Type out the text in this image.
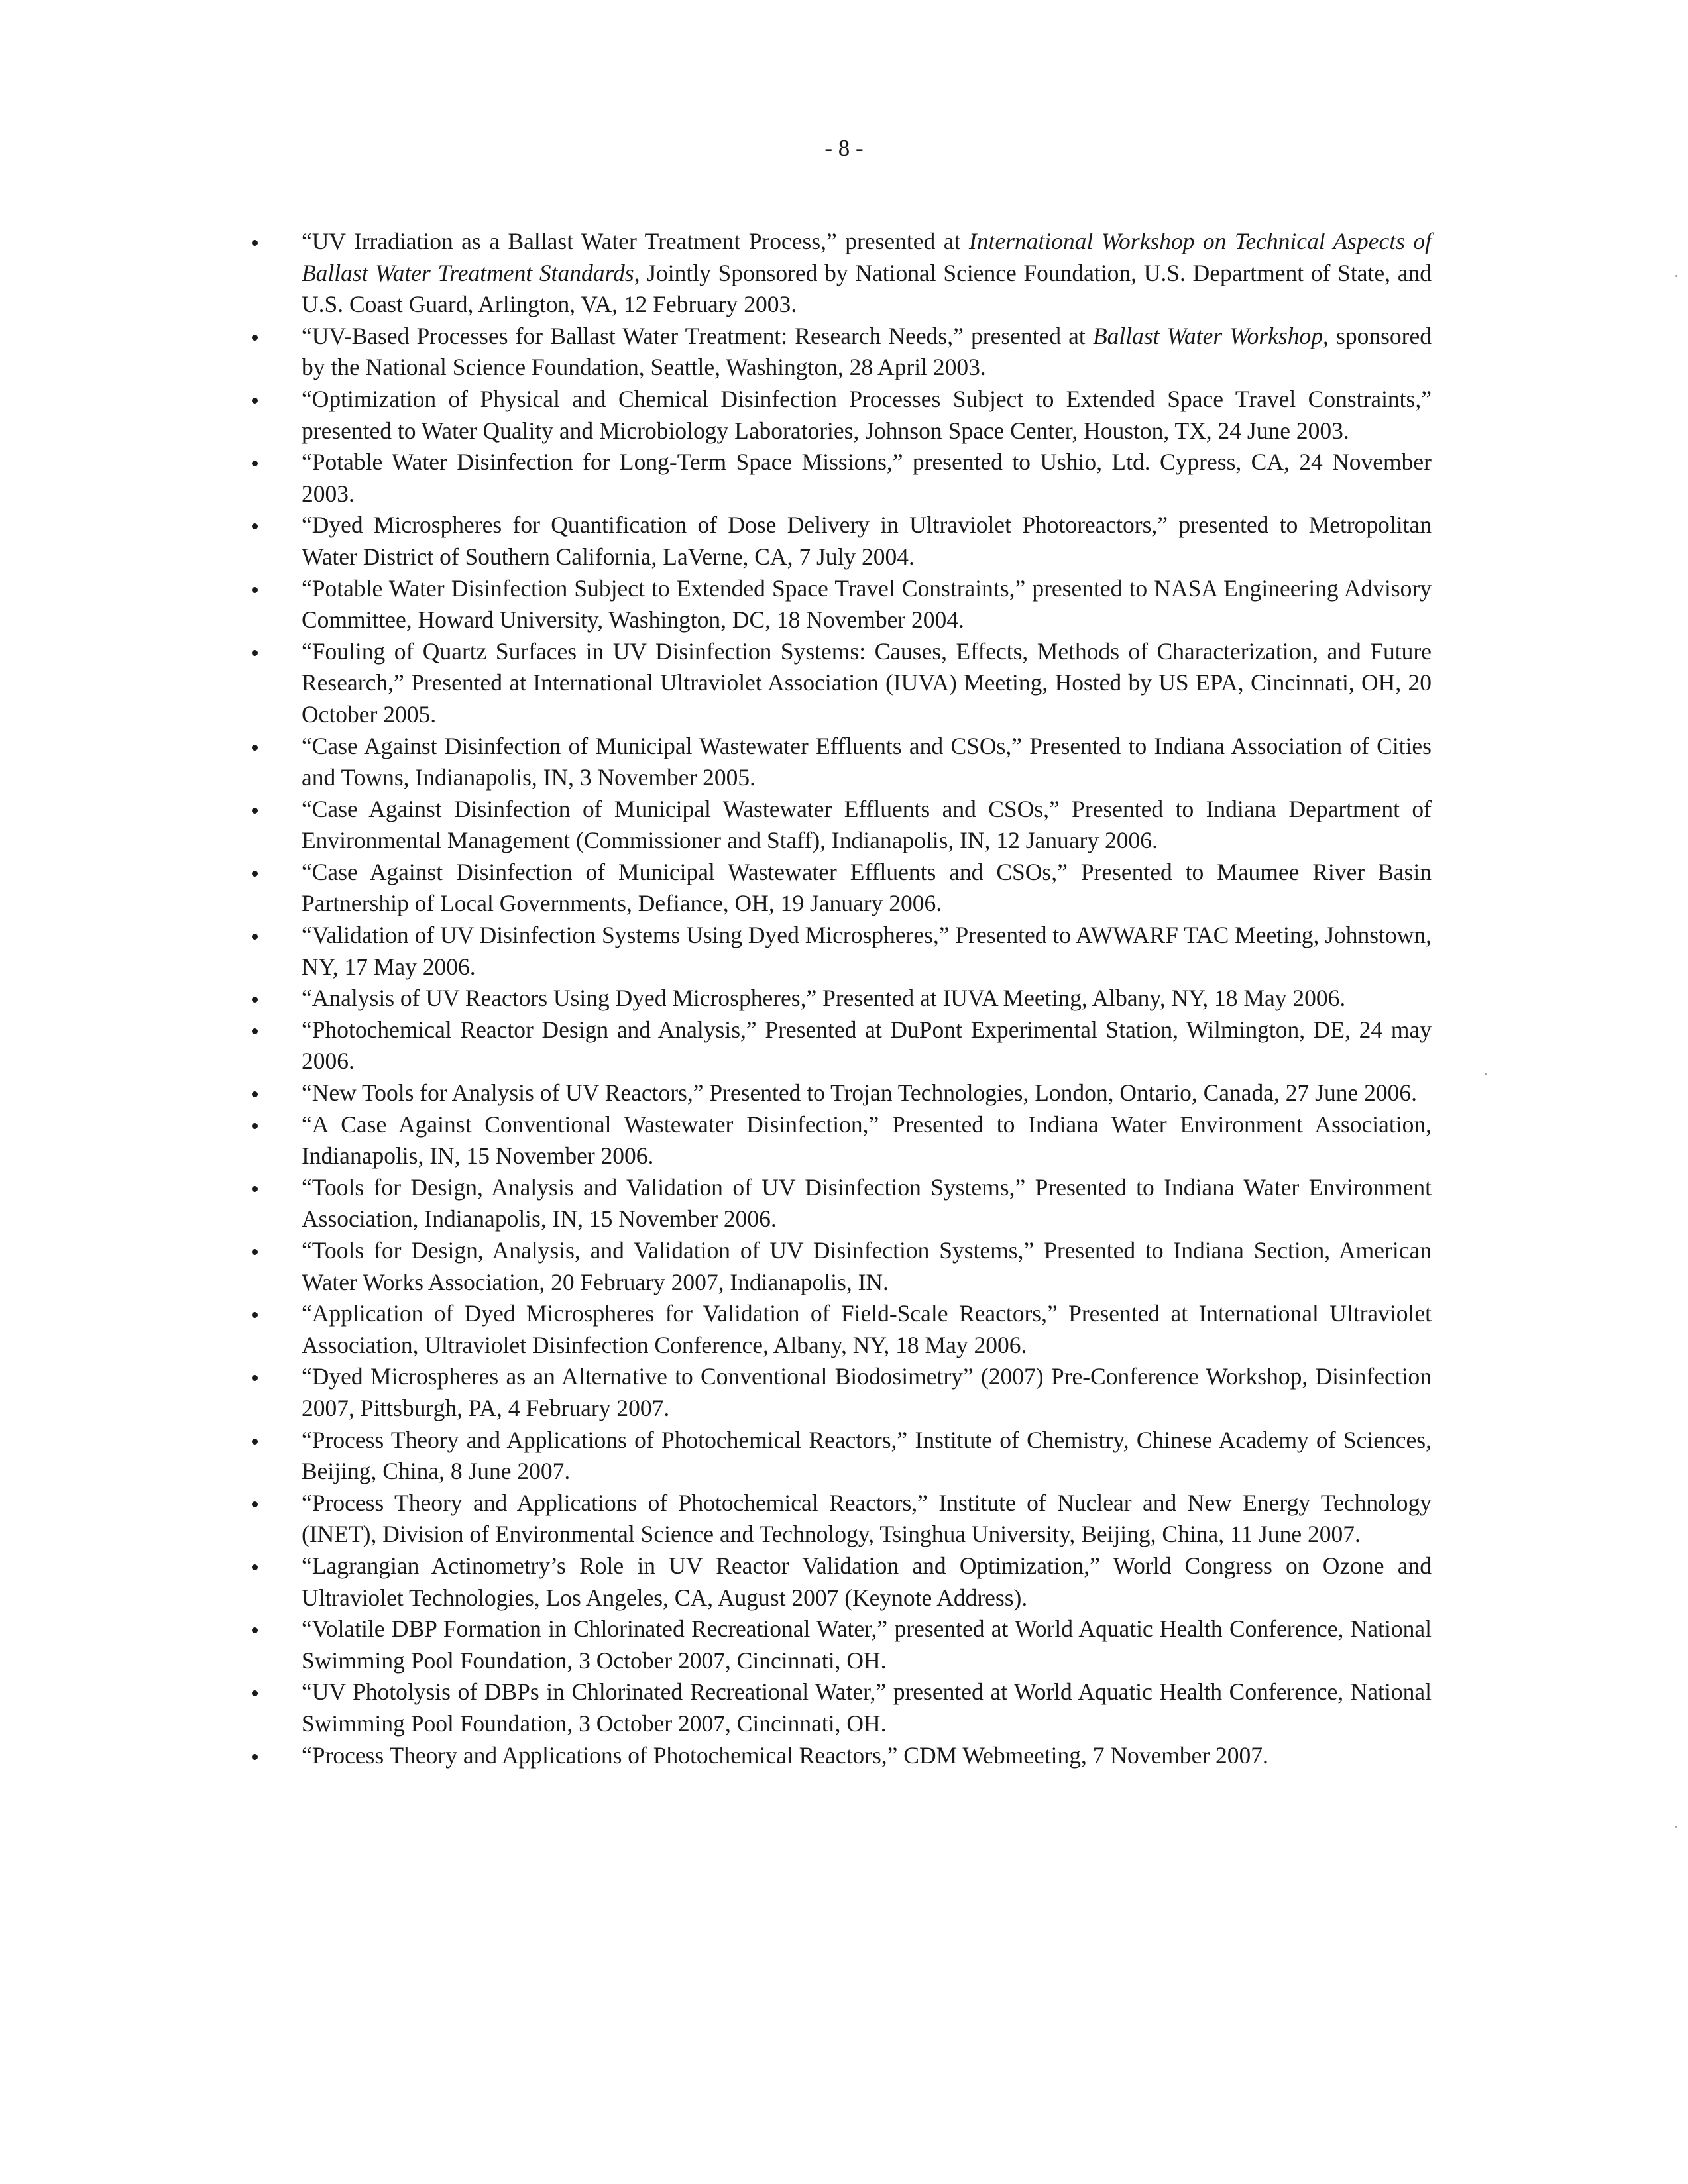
- 8 -
“UV Irradiation as a Ballast Water Treatment Process,” presented at International Workshop on Technical Aspects of Ballast Water Treatment Standards, Jointly Sponsored by National Science Foundation, U.S. Department of State, and U.S. Coast Guard, Arlington, VA, 12 February 2003.
“UV-Based Processes for Ballast Water Treatment: Research Needs,” presented at Ballast Water Workshop, sponsored by the National Science Foundation, Seattle, Washington, 28 April 2003.
“Optimization of Physical and Chemical Disinfection Processes Subject to Extended Space Travel Constraints,” presented to Water Quality and Microbiology Laboratories, Johnson Space Center, Houston, TX, 24 June 2003.
“Potable Water Disinfection for Long-Term Space Missions,” presented to Ushio, Ltd. Cypress, CA, 24 November 2003.
“Dyed Microspheres for Quantification of Dose Delivery in Ultraviolet Photoreactors,” presented to Metropolitan Water District of Southern California, LaVerne, CA, 7 July 2004.
“Potable Water Disinfection Subject to Extended Space Travel Constraints,” presented to NASA Engineering Advisory Committee, Howard University, Washington, DC, 18 November 2004.
“Fouling of Quartz Surfaces in UV Disinfection Systems: Causes, Effects, Methods of Characterization, and Future Research,” Presented at International Ultraviolet Association (IUVA) Meeting, Hosted by US EPA, Cincinnati, OH, 20 October 2005.
“Case Against Disinfection of Municipal Wastewater Effluents and CSOs,” Presented to Indiana Association of Cities and Towns, Indianapolis, IN, 3 November 2005.
“Case Against Disinfection of Municipal Wastewater Effluents and CSOs,” Presented to Indiana Department of Environmental Management (Commissioner and Staff), Indianapolis, IN, 12 January 2006.
“Case Against Disinfection of Municipal Wastewater Effluents and CSOs,” Presented to Maumee River Basin Partnership of Local Governments, Defiance, OH, 19 January 2006.
“Validation of UV Disinfection Systems Using Dyed Microspheres,” Presented to AWWARF TAC Meeting, Johnstown, NY, 17 May 2006.
“Analysis of UV Reactors Using Dyed Microspheres,” Presented at IUVA Meeting, Albany, NY, 18 May 2006.
“Photochemical Reactor Design and Analysis,” Presented at DuPont Experimental Station, Wilmington, DE, 24 may 2006.
“New Tools for Analysis of UV Reactors,” Presented to Trojan Technologies, London, Ontario, Canada, 27 June 2006.
“A Case Against Conventional Wastewater Disinfection,” Presented to Indiana Water Environment Association, Indianapolis, IN, 15 November 2006.
“Tools for Design, Analysis and Validation of UV Disinfection Systems,” Presented to Indiana Water Environment Association, Indianapolis, IN, 15 November 2006.
“Tools for Design, Analysis, and Validation of UV Disinfection Systems,” Presented to Indiana Section, American Water Works Association, 20 February 2007, Indianapolis, IN.
“Application of Dyed Microspheres for Validation of Field-Scale Reactors,” Presented at International Ultraviolet Association, Ultraviolet Disinfection Conference, Albany, NY, 18 May 2006.
“Dyed Microspheres as an Alternative to Conventional Biodosimetry” (2007) Pre-Conference Workshop, Disinfection 2007, Pittsburgh, PA, 4 February 2007.
“Process Theory and Applications of Photochemical Reactors,” Institute of Chemistry, Chinese Academy of Sciences, Beijing, China, 8 June 2007.
“Process Theory and Applications of Photochemical Reactors,” Institute of Nuclear and New Energy Technology (INET), Division of Environmental Science and Technology, Tsinghua University, Beijing, China, 11 June 2007.
“Lagrangian Actinometry’s Role in UV Reactor Validation and Optimization,” World Congress on Ozone and Ultraviolet Technologies, Los Angeles, CA, August 2007 (Keynote Address).
“Volatile DBP Formation in Chlorinated Recreational Water,” presented at World Aquatic Health Conference, National Swimming Pool Foundation, 3 October 2007, Cincinnati, OH.
“UV Photolysis of DBPs in Chlorinated Recreational Water,” presented at World Aquatic Health Conference, National Swimming Pool Foundation, 3 October 2007, Cincinnati, OH.
“Process Theory and Applications of Photochemical Reactors,” CDM Webmeeting, 7 November 2007.
